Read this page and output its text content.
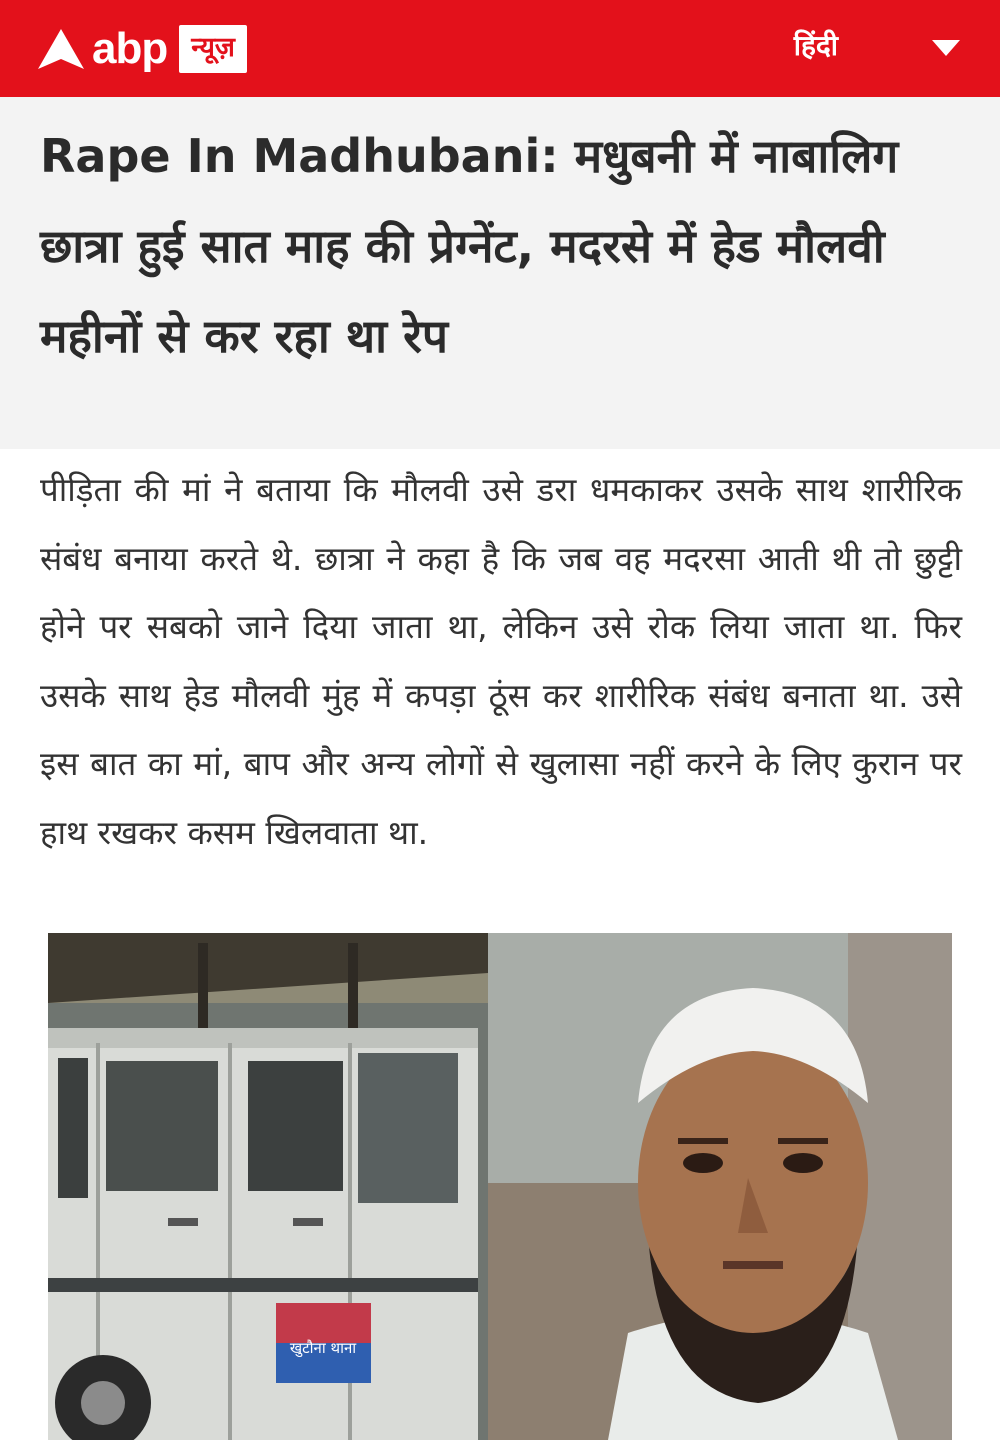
abp न्यूज़	हिंदी
Rape In Madhubani: मधुबनी में नाबालिग छात्रा हुई सात माह की प्रेग्नेंट, मदरसे में हेड मौलवी महीनों से कर रहा था रेप

पीड़िता की मां ने बताया कि मौलवी उसे डरा धमकाकर उसके साथ शारीरिक संबंध बनाया करते थे. छात्रा ने कहा है कि जब वह मदरसा आती थी तो छुट्टी होने पर सबको जाने दिया जाता था, लेकिन उसे रोक लिया जाता था. फिर उसके साथ हेड मौलवी मुंह में कपड़ा ठूंस कर शारीरिक संबंध बनाता था. उसे इस बात का मां, बाप और अन्य लोगों से खुलासा नहीं करने के लिए कुरान पर हाथ रखकर कसम खिलवाता था.

खुटौना थाना
